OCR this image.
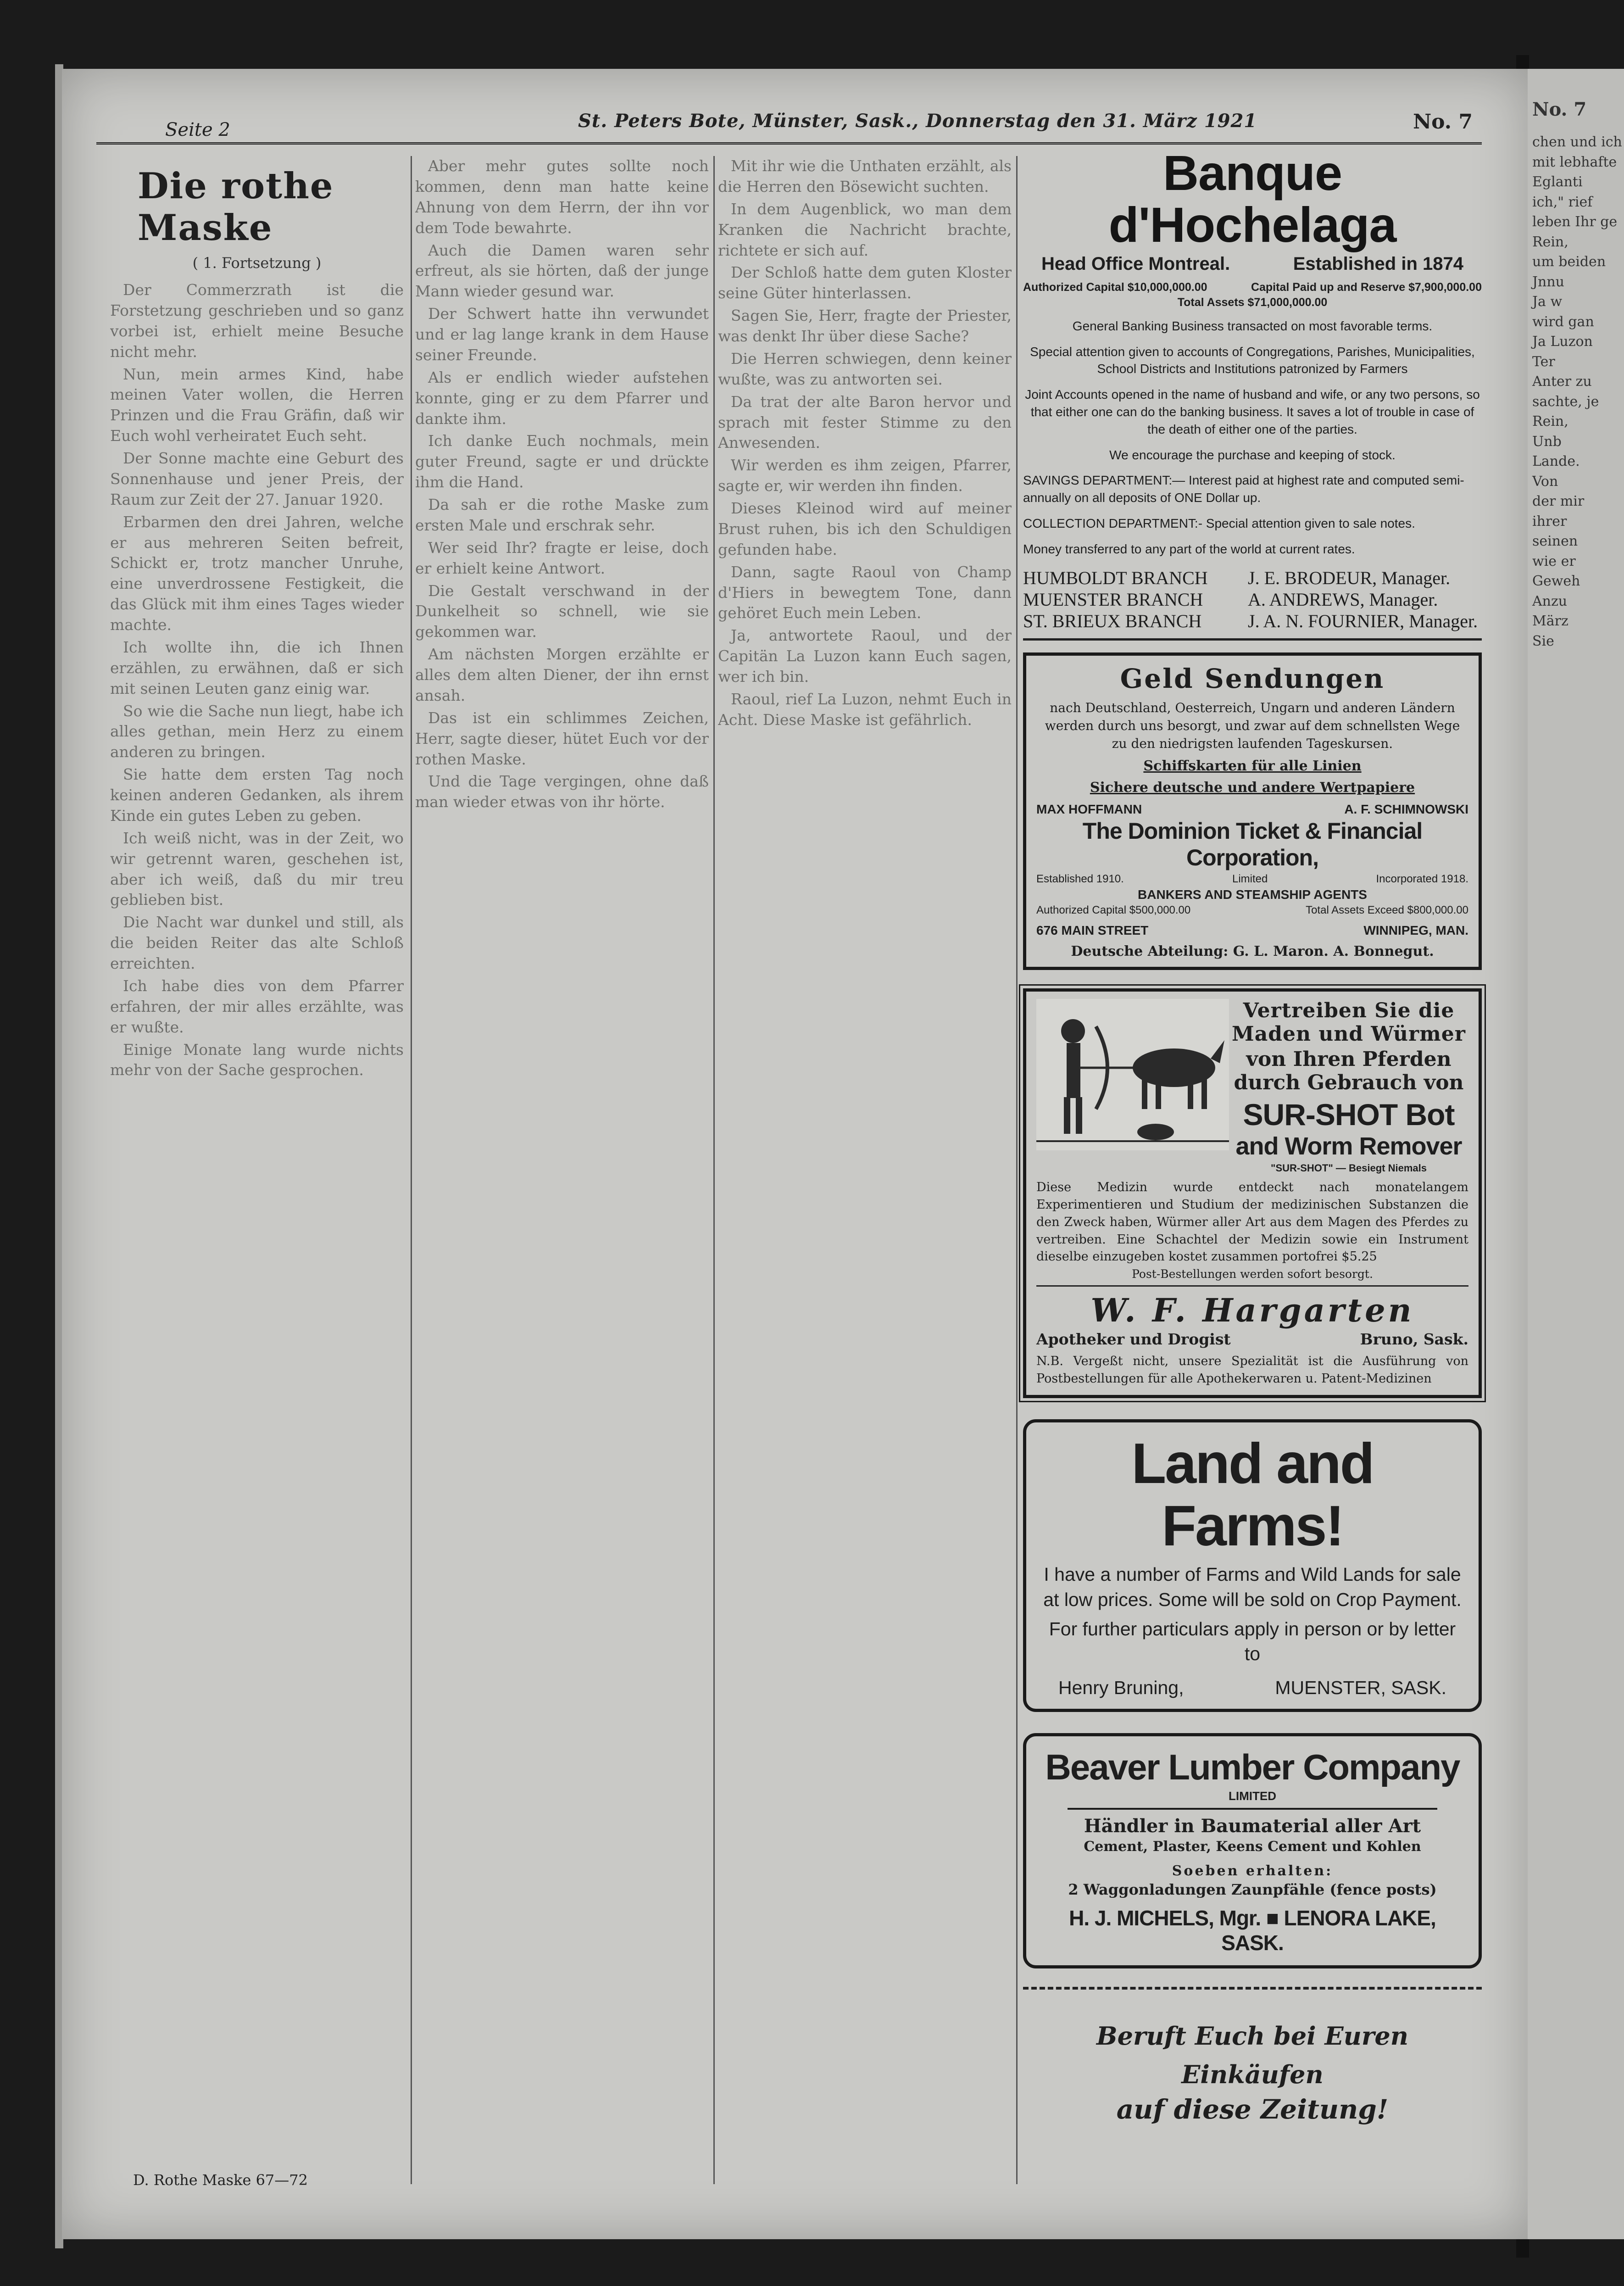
No. 7
chen und ich
mit lebhafte
Eglanti
ich," rief
leben Ihr ge
Rein,
um beiden
Jnnu
Ja w
wird gan
Ja Luzon
Ter
Anter zu
sachte, je
Rein,
Unb
Lande.
Von
der mir
ihrer
seinen
wie er
Geweh
Anzu
März
Sie
Seite 2	St. Peters Bote, Münster, Sask., Donnerstag den 31. März 1921	No. 7
Die rothe Maske
( 1. Fortsetzung )

Der Commerzrath ist die Forstetzung geschrieben und so ganz vorbei ist, erhielt meine Besuche nicht mehr.

Nun, mein armes Kind, habe meinen Vater wollen, die Herren Prinzen und die Frau Gräfin, daß wir Euch wohl verheiratet Euch seht.

Der Sonne machte eine Geburt des Sonnenhause und jener Preis, der Raum zur Zeit der 27. Januar 1920.

Erbarmen den drei Jahren, welche er aus mehreren Seiten befreit, Schickt er, trotz mancher Unruhe, eine unverdrossene Festigkeit, die das Glück mit ihm eines Tages wieder machte.

Ich wollte ihn, die ich Ihnen erzählen, zu erwähnen, daß er sich mit seinen Leuten ganz einig war.

So wie die Sache nun liegt, habe ich alles gethan, mein Herz zu einem anderen zu bringen.

Sie hatte dem ersten Tag noch keinen anderen Gedanken, als ihrem Kinde ein gutes Leben zu geben.

Ich weiß nicht, was in der Zeit, wo wir getrennt waren, geschehen ist, aber ich weiß, daß du mir treu geblieben bist.

Die Nacht war dunkel und still, als die beiden Reiter das alte Schloß erreichten.

Ich habe dies von dem Pfarrer erfahren, der mir alles erzählte, was er wußte.

Einige Monate lang wurde nichts mehr von der Sache gesprochen.

D. Rothe Maske 67—72

Aber mehr gutes sollte noch kommen, denn man hatte keine Ahnung von dem Herrn, der ihn vor dem Tode bewahrte.

Auch die Damen waren sehr erfreut, als sie hörten, daß der junge Mann wieder gesund war.

Der Schwert hatte ihn verwundet und er lag lange krank in dem Hause seiner Freunde.

Als er endlich wieder aufstehen konnte, ging er zu dem Pfarrer und dankte ihm.

Ich danke Euch nochmals, mein guter Freund, sagte er und drückte ihm die Hand.

Da sah er die rothe Maske zum ersten Male und erschrak sehr.

Wer seid Ihr? fragte er leise, doch er erhielt keine Antwort.

Die Gestalt verschwand in der Dunkelheit so schnell, wie sie gekommen war.

Am nächsten Morgen erzählte er alles dem alten Diener, der ihn ernst ansah.

Das ist ein schlimmes Zeichen, Herr, sagte dieser, hütet Euch vor der rothen Maske.

Und die Tage vergingen, ohne daß man wieder etwas von ihr hörte.

Mit ihr wie die Unthaten erzählt, als die Herren den Bösewicht suchten.

In dem Augenblick, wo man dem Kranken die Nachricht brachte, richtete er sich auf.

Der Schloß hatte dem guten Kloster seine Güter hinterlassen.

Sagen Sie, Herr, fragte der Priester, was denkt Ihr über diese Sache?

Die Herren schwiegen, denn keiner wußte, was zu antworten sei.

Da trat der alte Baron hervor und sprach mit fester Stimme zu den Anwesenden.

Wir werden es ihm zeigen, Pfarrer, sagte er, wir werden ihn finden.

Dieses Kleinod wird auf meiner Brust ruhen, bis ich den Schuldigen gefunden habe.

Dann, sagte Raoul von Champ d'Hiers in bewegtem Tone, dann gehöret Euch mein Leben.

Ja, antwortete Raoul, und der Capitän La Luzon kann Euch sagen, wer ich bin.

Raoul, rief La Luzon, nehmt Euch in Acht. Diese Maske ist gefährlich.

Banque d'Hochelaga
Head Office Montreal.	Established in 1874
Authorized Capital $10,000,000.00	Capital Paid up and Reserve $7,900,000.00
Total Assets $71,000,000.00

General Banking Business transacted on most favorable terms.

Special attention given to accounts of Congregations, Parishes, Municipalities, School Districts and Institutions patronized by Farmers

Joint Accounts opened in the name of husband and wife, or any two persons, so that either one can do the banking business. It saves a lot of trouble in case of the death of either one of the parties.

We encourage the purchase and keeping of stock.

SAVINGS DEPARTMENT:— Interest paid at highest rate and computed semi-annually on all deposits of ONE Dollar up.

COLLECTION DEPARTMENT:- Special attention given to sale notes.

Money transferred to any part of the world at current rates.

HUMBOLDT BRANCH	J. E. BRODEUR, Manager.
MUENSTER BRANCH	A. ANDREWS, Manager.
ST. BRIEUX BRANCH	J. A. N. FOURNIER, Manager.
Geld Sendungen
nach Deutschland, Oesterreich, Ungarn und anderen Ländern werden durch uns besorgt, und zwar auf dem schnellsten Wege zu den niedrigsten laufenden Tageskursen.
Schiffskarten für alle Linien
Sichere deutsche und andere Wertpapiere
MAX HOFFMANN	A. F. SCHIMNOWSKI
The Dominion Ticket & Financial Corporation,
Established 1910.	Limited	Incorporated 1918.
BANKERS AND STEAMSHIP AGENTS
Authorized Capital $500,000.00	Total Assets Exceed $800,000.00
676 MAIN STREET	WINNIPEG, MAN.
Deutsche Abteilung: G. L. Maron. A. Bonnegut.
Vertreiben Sie die Maden und Würmer
von Ihren Pferden durch Gebrauch von
SUR-SHOT Bot
and Worm Remover
"SUR-SHOT" — Besiegt Niemals
Diese Medizin wurde entdeckt nach monatelangem Experimentieren und Studium der medizinischen Substanzen die den Zweck haben, Würmer aller Art aus dem Magen des Pferdes zu vertreiben. Eine Schachtel der Medizin sowie ein Instrument dieselbe einzugeben kostet zusammen portofrei $5.25
Post-Bestellungen werden sofort besorgt.
W. F. Hargarten
Apotheker und Drogist	Bruno, Sask.
N.B. Vergeßt nicht, unsere Spezialität ist die Ausführung von Postbestellungen für alle Apothekerwaren u. Patent-Medizinen
Land and Farms!
I have a number of Farms and Wild Lands for sale at low prices. Some will be sold on Crop Payment.
For further particulars apply in person or by letter to
Henry Bruning,	MUENSTER, SASK.
Beaver Lumber Company
LIMITED
Händler in Baumaterial aller Art
Cement, Plaster, Keens Cement und Kohlen
Soeben erhalten:
2 Waggonladungen Zaunpfähle (fence posts)
H. J. MICHELS, Mgr. ■ LENORA LAKE, SASK.
Beruft Euch bei Euren Einkäufen
auf diese Zeitung!
